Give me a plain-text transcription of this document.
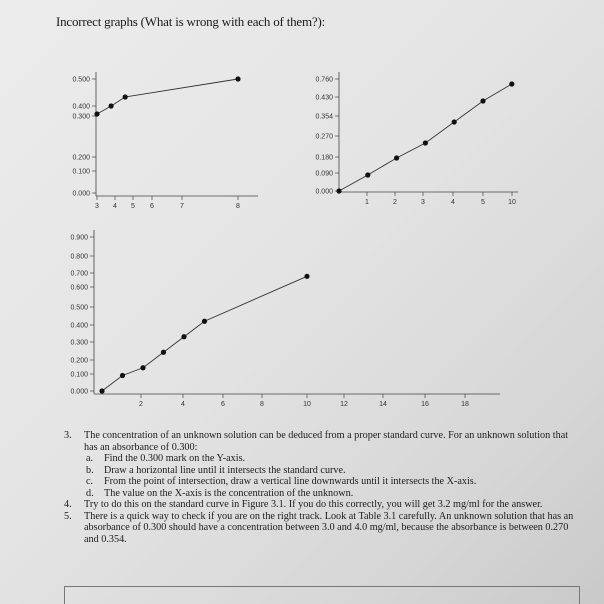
Incorrect graphs (What is wrong with each of them?):
0.500
0.400
0.300
0.200
0.100
0.000
3 4 5 6	7	8
0.760
0.430
0.354
0.270
0.180
0.090
0.000
1	2	3	4	5	10
0.900
0.800
0.700
0.600
0.500
0.400
0.300
0.200
0.100
0.000
2	4	6	8	10	12	14	16	18
3. The concentration of an unknown solution can be deduced from a proper standard curve. For an unknown solution that has an absorbance of 0.300:
a. Find the 0.300 mark on the Y-axis.
b. Draw a horizontal line until it intersects the standard curve.
c. From the point of intersection, draw a vertical line downwards until it intersects the X-axis.
d. The value on the X-axis is the concentration of the unknown.
4. Try to do this on the standard curve in Figure 3.1. If you do this correctly, you will get 3.2 mg/ml for the answer.
5. There is a quick way to check if you are on the right track. Look at Table 3.1 carefully. An unknown solution that has an absorbance of 0.300 should have a concentration between 3.0 and 4.0 mg/ml, because the absorbance is between 0.270 and 0.354.
